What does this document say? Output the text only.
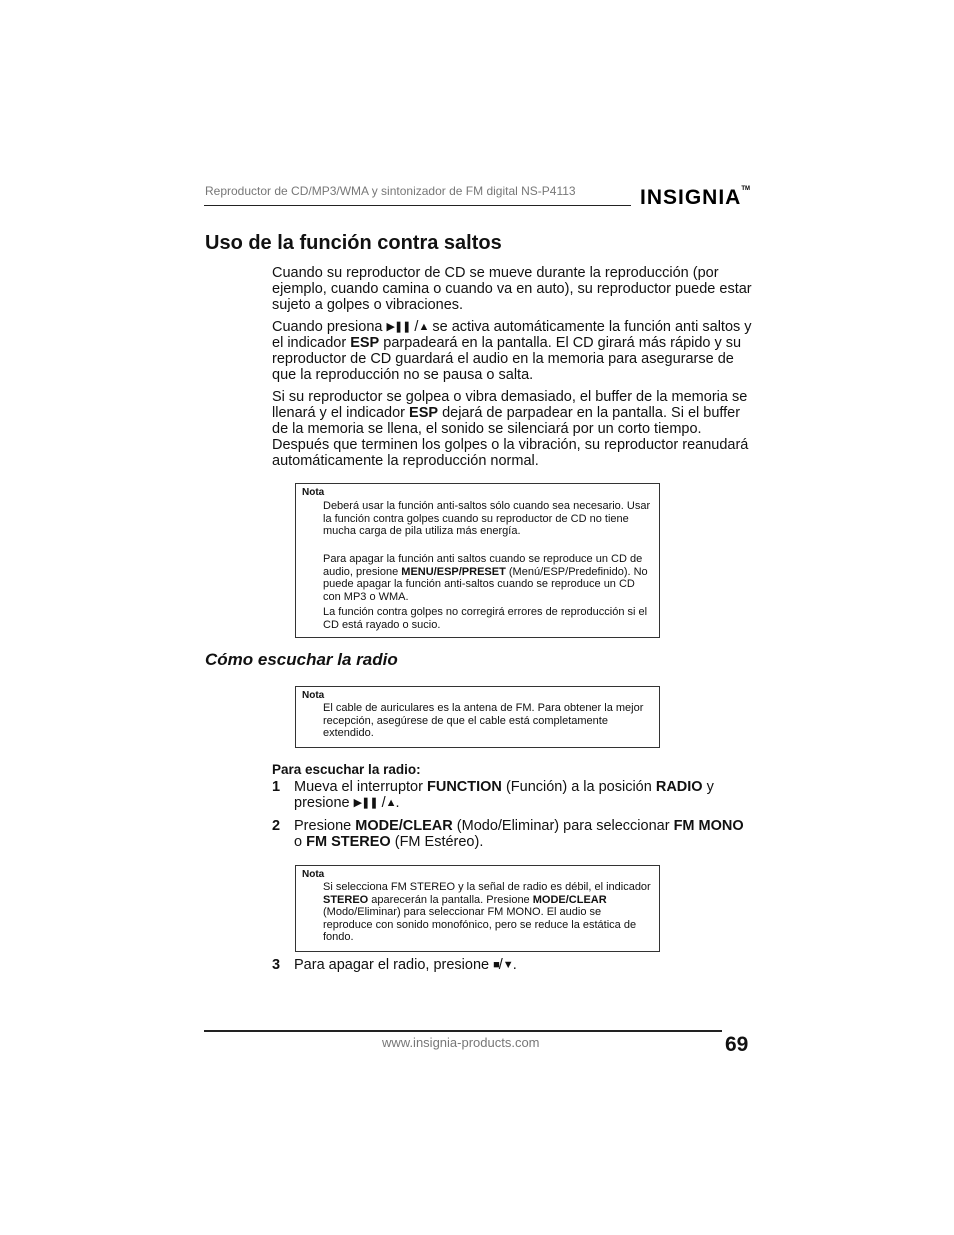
Reproductor de CD/MP3/WMA y sintonizador de FM digital NS-P4113	INSIGNIA™
Uso de la función contra saltos

Cuando su reproductor de CD se mueve durante la reproducción (por ejemplo, cuando camina o cuando va en auto), su reproductor puede estar sujeto a golpes o vibraciones.

Cuando presiona ▶❚❚ /▲ se activa automáticamente la función anti saltos y el indicador ESP parpadeará en la pantalla. El CD girará más rápido y su reproductor de CD guardará el audio en la memoria para asegurarse de que la reproducción no se pausa o salta.

Si su reproductor se golpea o vibra demasiado, el buffer de la memoria se llenará y el indicador ESP dejará de parpadear en la pantalla. Si el buffer de la memoria se llena, el sonido se silenciará por un corto tiempo. Después que terminen los golpes o la vibración, su reproductor reanudará automáticamente la reproducción normal.

Nota

Deberá usar la función anti-saltos sólo cuando sea necesario. Usar la función contra golpes cuando su reproductor de CD no tiene mucha carga de pila utiliza más energía.

Para apagar la función anti saltos cuando se reproduce un CD de audio, presione MENU/ESP/PRESET (Menú/ESP/Predefinido). No puede apagar la función anti-saltos cuando se reproduce un CD con MP3 o WMA.

La función contra golpes no corregirá errores de reproducción si el CD está rayado o sucio.

Cómo escuchar la radio
Nota

El cable de auriculares es la antena de FM. Para obtener la mejor recepción, asegúrese de que el cable está completamente extendido.

Para escuchar la radio:
1 Mueva el interruptor FUNCTION (Función) a la posición RADIO y presione ▶❚❚ /▲.

2 Presione MODE/CLEAR (Modo/Eliminar) para seleccionar FM MONO o FM STEREO (FM Estéreo).

Nota

Si selecciona FM STEREO y la señal de radio es débil, el indicador STEREO aparecerán la pantalla. Presione MODE/CLEAR (Modo/Eliminar) para seleccionar FM MONO. El audio se reproduce con sonido monofónico, pero se reduce la estática de fondo.

3 Para apagar el radio, presione ■/▼.

www.insignia-products.com	69
